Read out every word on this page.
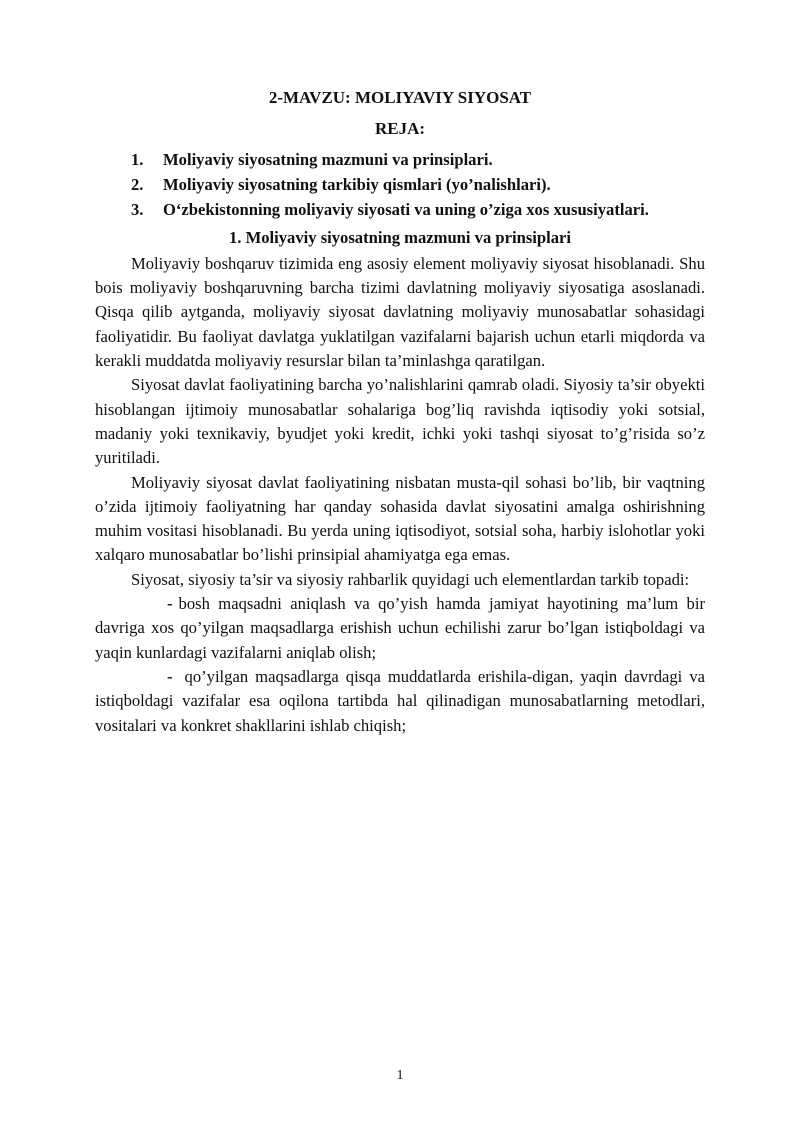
2-MAVZU: MOLIYAVIY SIYOSAT
REJA:
1. Moliyaviy siyosatning mazmuni va prinsiplari.
2. Moliyaviy siyosatning tarkibiy qismlari (yo’nalishlari).
3. O‘zbekistonning moliyaviy siyosati va uning o’ziga xos xususiyatlari.
1. Moliyaviy siyosatning mazmuni va prinsiplari

Moliyaviy boshqaruv tizimida eng asosiy element moliyaviy siyosat hisoblanadi. Shu bois moliyaviy boshqaruvning barcha tizimi davlatning moliyaviy siyosatiga asoslanadi. Qisqa qilib aytganda, moliyaviy siyosat davlatning moliyaviy munosabatlar sohasidagi faoliyatidir. Bu faoliyat davlatga yuklatilgan vazifalarni bajarish uchun etarli miqdorda va kerakli muddatda moliyaviy resurslar bilan ta’minlashga qaratilgan.

Siyosat davlat faoliyatining barcha yo’nalishlarini qamrab oladi. Siyosiy ta’sir obyekti hisoblangan ijtimoiy munosabatlar sohalariga bog’liq ravishda iqtisodiy yoki sotsial, madaniy yoki texnikaviy, byudjet yoki kredit, ichki yoki tashqi siyosat to’g’risida so’z yuritiladi.

Moliyaviy siyosat davlat faoliyatining nisbatan musta-qil sohasi bo’lib, bir vaqtning o’zida ijtimoiy faoliyatning har qanday sohasida davlat siyosatini amalga oshirishning muhim vositasi hisoblanadi. Bu yerda uning iqtisodiyot, sotsial soha, harbiy islohotlar yoki xalqaro munosabatlar bo’lishi prinsipial ahamiyatga ega emas.

Siyosat, siyosiy ta’sir va siyosiy rahbarlik quyidagi uch elementlardan tarkib topadi:

- bosh maqsadni aniqlash va qo’yish hamda jamiyat hayotining ma’lum bir davriga xos qo’yilgan maqsadlarga erishish uchun echilishi zarur bo’lgan istiqboldagi va yaqin kunlardagi vazifalarni aniqlab olish;

- qo’yilgan maqsadlarga qisqa muddatlarda erishila-digan, yaqin davrdagi va istiqboldagi vazifalar esa oqilona tartibda hal qilinadigan munosabatlarning metodlari, vositalari va konkret shakllarini ishlab chiqish;

1
